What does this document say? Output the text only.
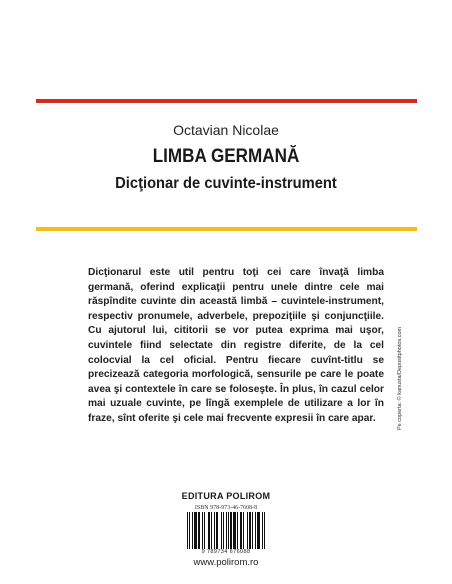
Octavian Nicolae
LIMBA GERMANĂ
Dicţionar de cuvinte-instrument
Dicţionarul este util pentru toţi cei care învaţă limba germană, oferind explicaţii pentru unele dintre cele mai răspîndite cuvinte din această limbă – cuvintele-instrument, respectiv pronumele, adverbele, prepoziţiile şi conjuncţiile. Cu ajutorul lui, cititorii se vor putea exprima mai uşor, cuvintele fiind selectate din registre diferite, de la cel colocvial la cel oficial. Pentru fiecare cuvînt-titlu se precizează categoria morfologică, sensurile pe care le poate avea şi contextele în care se foloseşte. În plus, în cazul celor mai uzuale cuvinte, pe lîngă exemplele de utilizare a lor în fraze, sînt oferite şi cele mai frecvente expresii în care apar.	Pe coperta: © kanusta/Depositphotos.com
EDITURA POLIROM
ISBN 978-973-46-7608-8
9 789734 676088
www.polirom.ro
